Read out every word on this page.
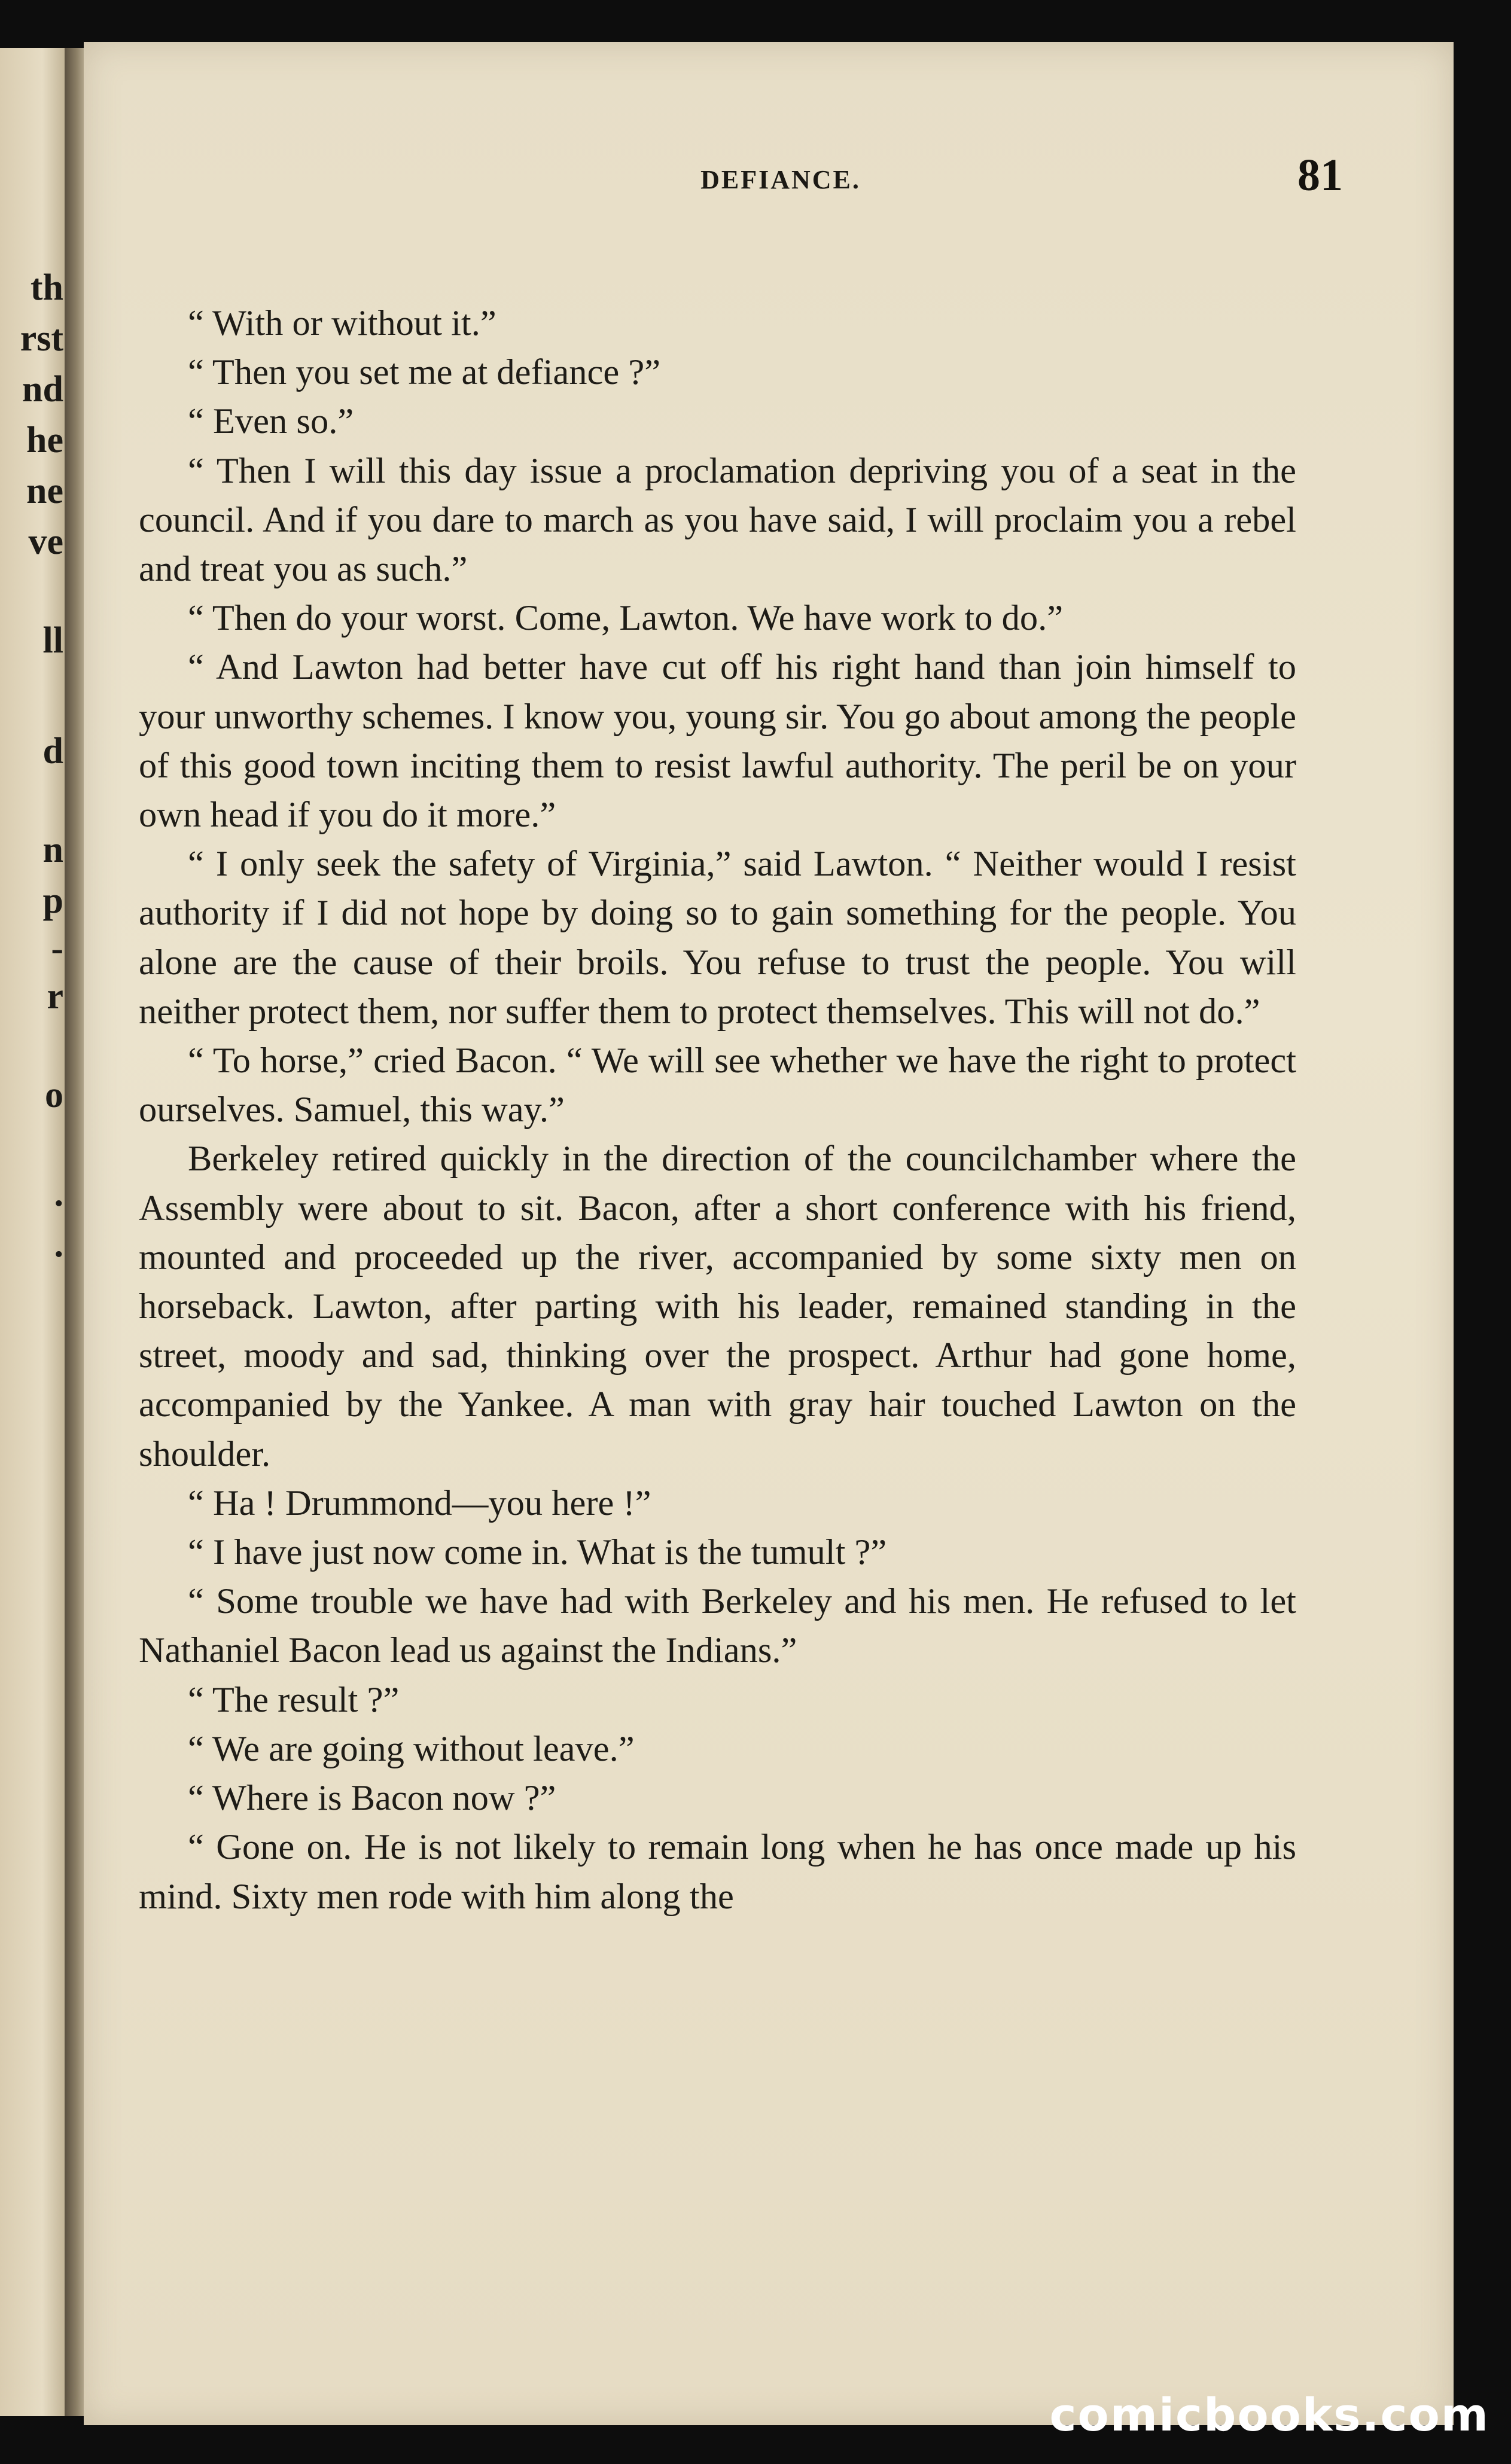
th
rst
nd
he
ne
ve
ll
d
n
p
-
r
o
.
.
DEFIANCE.	81

“ With or without it.”

“ Then you set me at defiance ?”

“ Even so.”

“ Then I will this day issue a proclamation depriving you of a seat in the council. And if you dare to march as you have said, I will proclaim you a rebel and treat you as such.”

“ Then do your worst. Come, Lawton. We have work to do.”

“ And Lawton had better have cut off his right hand than join himself to your unworthy schemes. I know you, young sir. You go about among the people of this good town inciting them to resist lawful authority. The peril be on your own head if you do it more.”

“ I only seek the safety of Virginia,” said Lawton. “ Neither would I resist authority if I did not hope by doing so to gain something for the people. You alone are the cause of their broils. You refuse to trust the people. You will neither protect them, nor suffer them to protect themselves. This will not do.”

“ To horse,” cried Bacon. “ We will see whether we have the right to protect ourselves. Samuel, this way.”

Berkeley retired quickly in the direction of the councilchamber where the Assembly were about to sit. Bacon, after a short conference with his friend, mounted and proceeded up the river, accompanied by some sixty men on horseback. Lawton, after parting with his leader, remained standing in the street, moody and sad, thinking over the prospect. Arthur had gone home, accompanied by the Yankee. A man with gray hair touched Lawton on the shoulder.

“ Ha ! Drummond—you here !”

“ I have just now come in. What is the tumult ?”

“ Some trouble we have had with Berkeley and his men. He refused to let Nathaniel Bacon lead us against the Indians.”

“ The result ?”

“ We are going without leave.”

“ Where is Bacon now ?”

“ Gone on. He is not likely to remain long when he has once made up his mind. Sixty men rode with him along the

comicbooks.com
